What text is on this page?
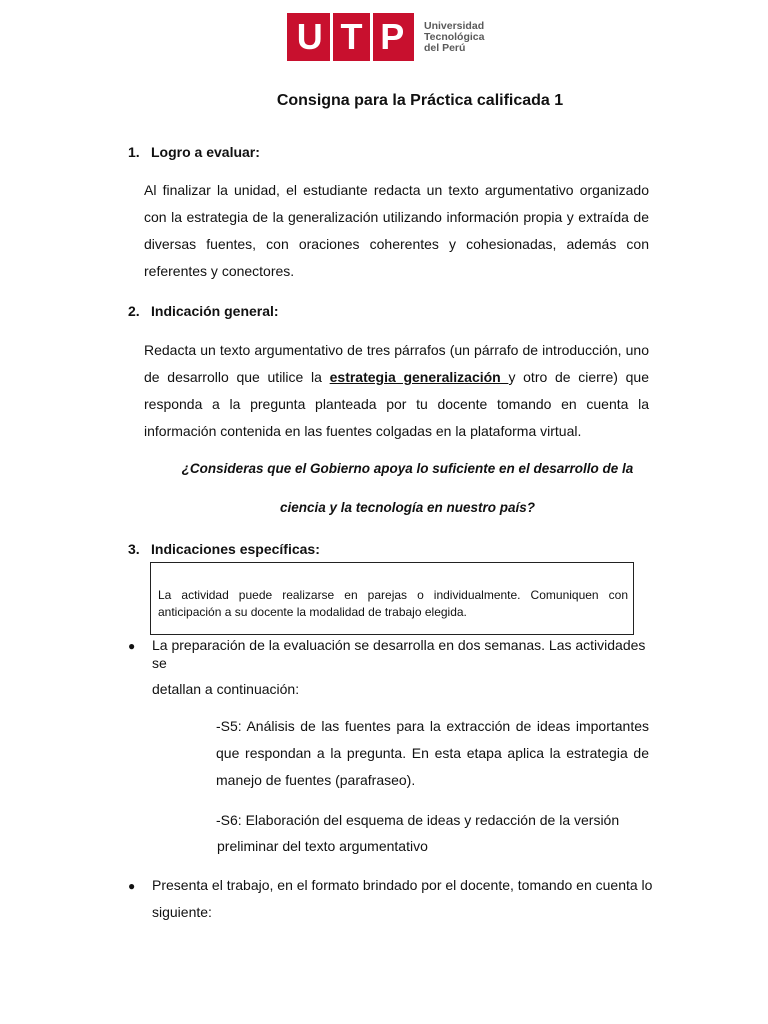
U T P Universidad
Tecnológica
del Perú
Consigna para la Práctica calificada 1
1. Logro a evaluar:
Al finalizar la unidad, el estudiante redacta un texto argumentativo organizado con la estrategia de la generalización utilizando información propia y extraída de diversas fuentes, con oraciones coherentes y cohesionadas, además con referentes y conectores.
2. Indicación general:
Redacta un texto argumentativo de tres párrafos (un párrafo de introducción, uno de desarrollo que utilice la estrategia generalización y otro de cierre) que responda a la pregunta planteada por tu docente tomando en cuenta la información contenida en las fuentes colgadas en la plataforma virtual.
¿Consideras que el Gobierno apoya lo suficiente en el desarrollo de la
ciencia y la tecnología en nuestro país?
3. Indicaciones específicas:
La actividad puede realizarse en parejas o individualmente. Comuniquen con anticipación a su docente la modalidad de trabajo elegida.
● La preparación de la evaluación se desarrolla en dos semanas. Las actividades
se
detallan a continuación:
-S5: Análisis de las fuentes para la extracción de ideas importantes que respondan a la pregunta. En esta etapa aplica la estrategia de manejo de fuentes (parafraseo).
-S6: Elaboración del esquema de ideas y redacción de la versión
preliminar del texto argumentativo
● Presenta el trabajo, en el formato brindado por el docente, tomando en cuenta lo
siguiente:
